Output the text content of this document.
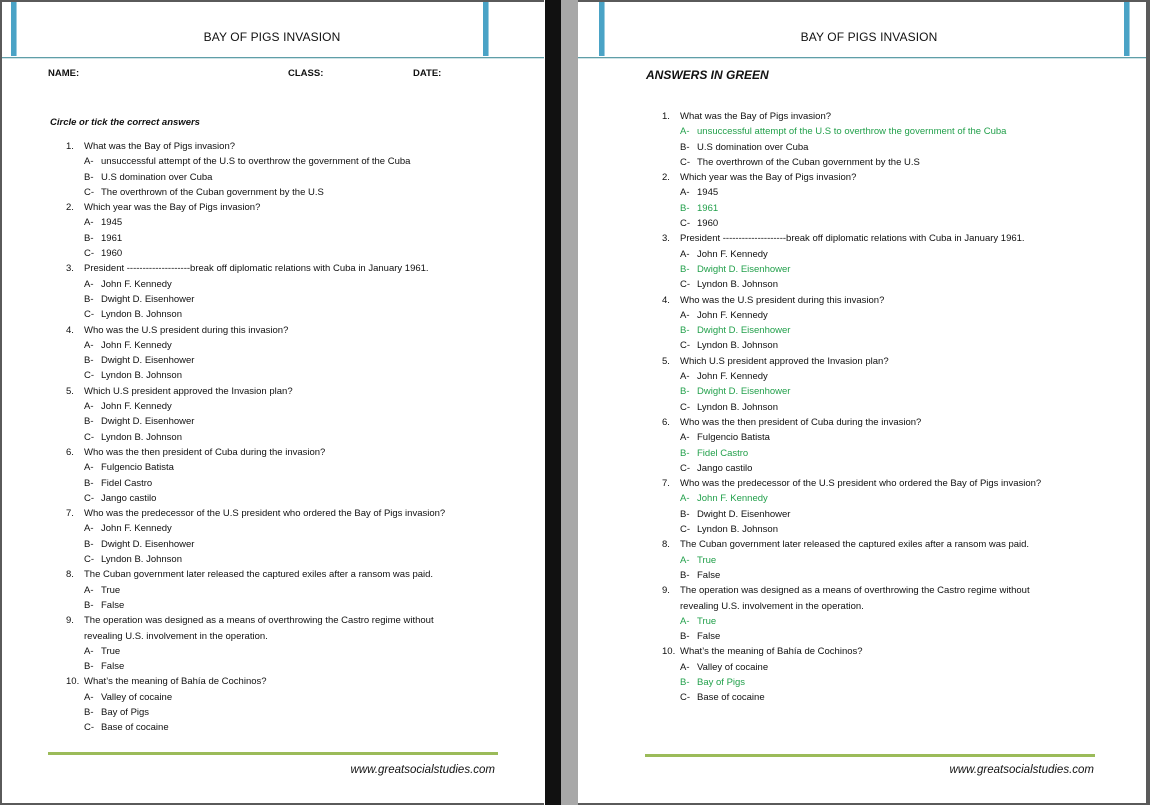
BAY OF PIGS INVASION
NAME:	CLASS:	DATE:
Circle or tick the correct answers
1.	What was the Bay of Pigs invasion?
A- unsuccessful attempt of the U.S to overthrow the government of the Cuba
B- U.S domination over Cuba
C- The overthrown of the Cuban government by the U.S
2.	Which year was the Bay of Pigs invasion?
A- 1945
B- 1961
C- 1960
3.	President --------------------break off diplomatic relations with Cuba in January 1961.
A- John F. Kennedy
B- Dwight D. Eisenhower
C- Lyndon B. Johnson
4.	Who was the U.S president during this invasion?
A- John F. Kennedy
B- Dwight D. Eisenhower
C- Lyndon B. Johnson
5.	Which U.S president approved the Invasion plan?
A- John F. Kennedy
B- Dwight D. Eisenhower
C- Lyndon B. Johnson
6.	Who was the then president of Cuba during the invasion?
A- Fulgencio Batista
B- Fidel Castro
C- Jango castilo
7.	Who was the predecessor of the U.S president who ordered the Bay of Pigs invasion?
A- John F. Kennedy
B- Dwight D. Eisenhower
C- Lyndon B. Johnson
8.	The Cuban government later released the captured exiles after a ransom was paid.
A- True
B- False
9.	The operation was designed as a means of overthrowing the Castro regime without
revealing U.S. involvement in the operation.
A- True
B- False
10. What’s the meaning of Bahía de Cochinos?
A- Valley of cocaine
B- Bay of Pigs
C- Base of cocaine
www.greatsocialstudies.com
BAY OF PIGS INVASION
ANSWERS IN GREEN
1.	What was the Bay of Pigs invasion?
A- unsuccessful attempt of the U.S to overthrow the government of the Cuba
B- U.S domination over Cuba
C- The overthrown of the Cuban government by the U.S
2.	Which year was the Bay of Pigs invasion?
A- 1945
B- 1961
C- 1960
3.	President --------------------break off diplomatic relations with Cuba in January 1961.
A- John F. Kennedy
B- Dwight D. Eisenhower
C- Lyndon B. Johnson
4.	Who was the U.S president during this invasion?
A- John F. Kennedy
B- Dwight D. Eisenhower
C- Lyndon B. Johnson
5.	Which U.S president approved the Invasion plan?
A- John F. Kennedy
B- Dwight D. Eisenhower
C- Lyndon B. Johnson
6.	Who was the then president of Cuba during the invasion?
A- Fulgencio Batista
B- Fidel Castro
C- Jango castilo
7.	Who was the predecessor of the U.S president who ordered the Bay of Pigs invasion?
A- John F. Kennedy
B- Dwight D. Eisenhower
C- Lyndon B. Johnson
8.	The Cuban government later released the captured exiles after a ransom was paid.
A- True
B- False
9.	The operation was designed as a means of overthrowing the Castro regime without
revealing U.S. involvement in the operation.
A- True
B- False
10. What’s the meaning of Bahía de Cochinos?
A- Valley of cocaine
B- Bay of Pigs
C- Base of cocaine
www.greatsocialstudies.com
